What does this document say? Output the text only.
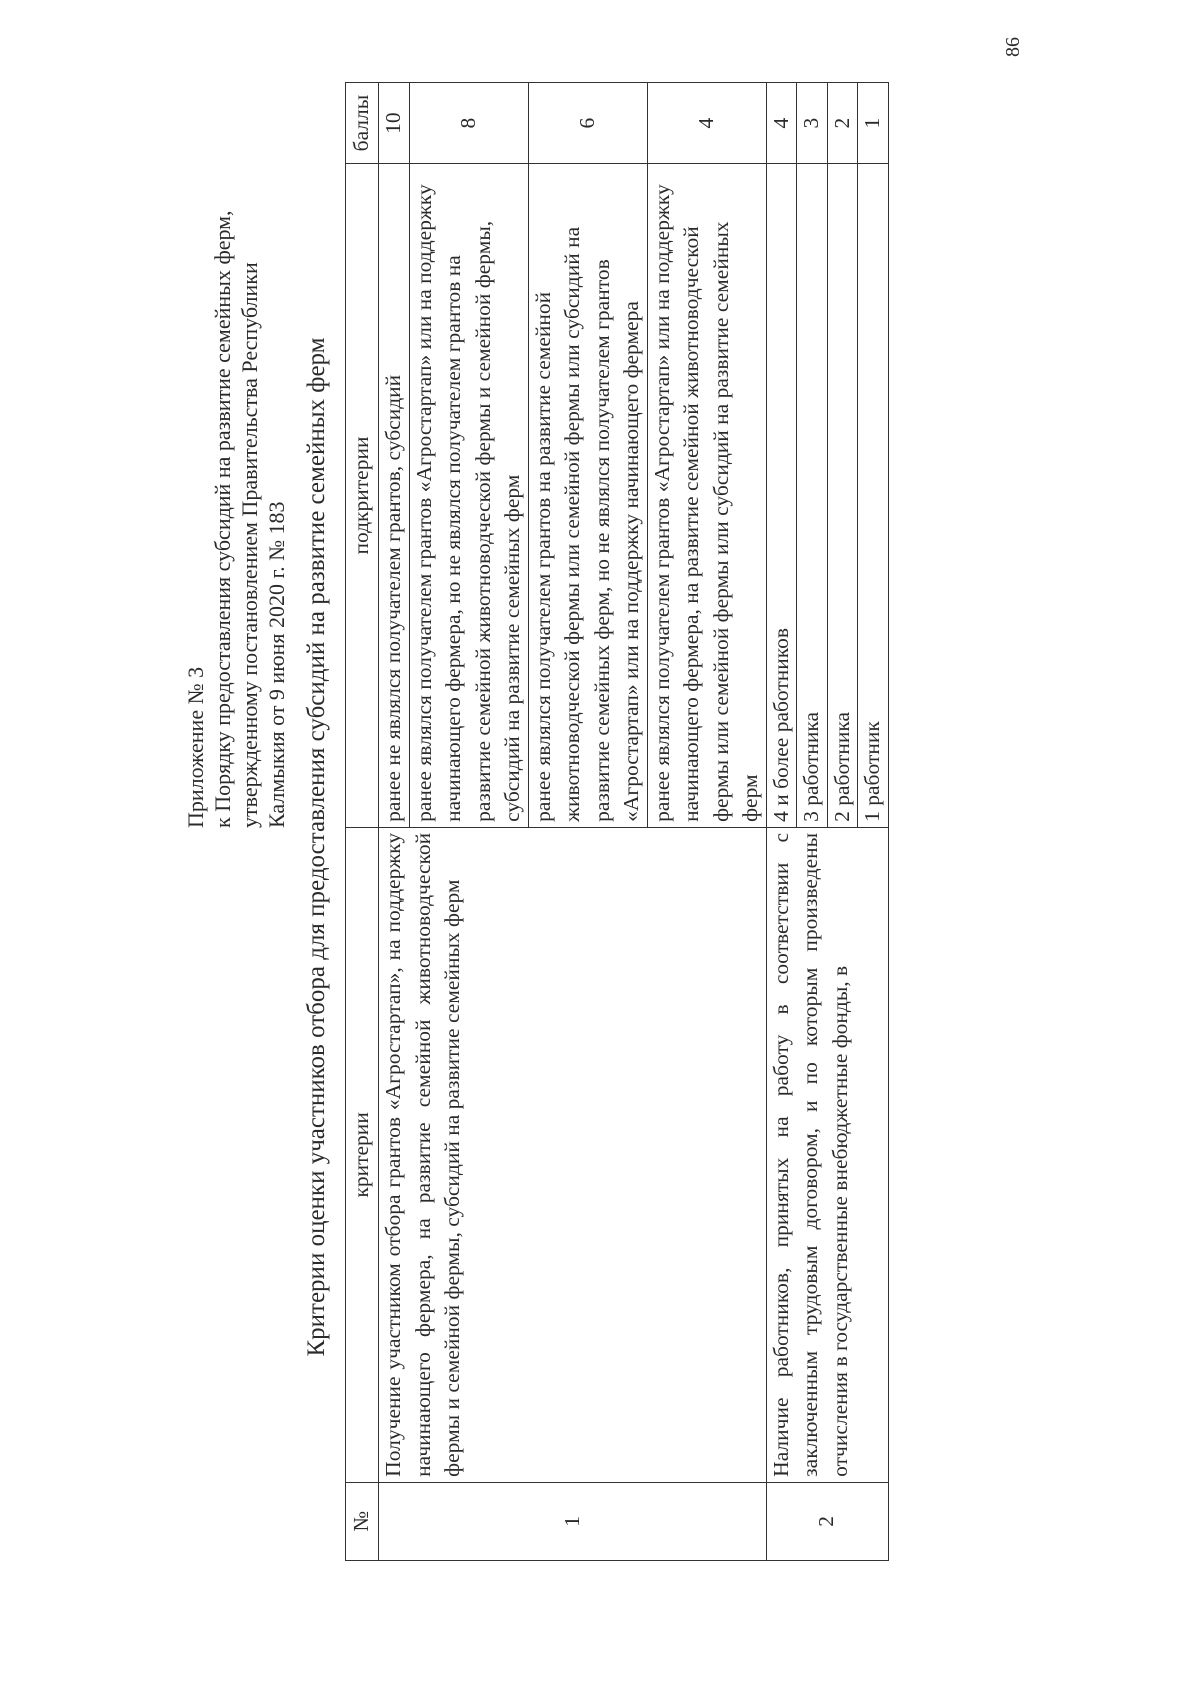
Приложение № 3 к Порядку предоставления субсидий на развитие семейных ферм, утвержденному постановлением Правительства Республики Калмыкия от 9 июня 2020 г. № 183 Критерии оценки участников отбора для предоставления субсидий на развитие семейных ферм
№	критерии	подкритерии	баллы
1	Получение участником отбора грантов «Агростартап», на поддержку начинающего фермера, на развитие семейной животноводческой фермы и семейной фермы, субсидий на развитие семейных ферм	ранее не являлся получателем грантов, субсидий	10
		ранее являлся получателем грантов «Агростартап» или на поддержку начинающего фермера, но не являлся получателем грантов на развитие семейной животноводческой фермы и семейной фермы, субсидий на развитие семейных ферм	8
		ранее являлся получателем грантов на развитие семейной животноводческой фермы или семейной фермы или субсидий на развитие семейных ферм, но не являлся получателем грантов «Агростартап» или на поддержку начинающего фермера	6
		ранее являлся получателем грантов «Агростартап» или на поддержку начинающего фермера, на развитие семейной животноводческой фермы или семейной фермы или субсидий на развитие семейных ферм	4
2	Наличие работников, принятых на работу в соответствии с заключенным трудовым договором, и по которым произведены отчисления в государственные внебюджетные фонды, в	4 и более работников	4
		3 работника	3
		2 работника	2
		1 работник	1
86
